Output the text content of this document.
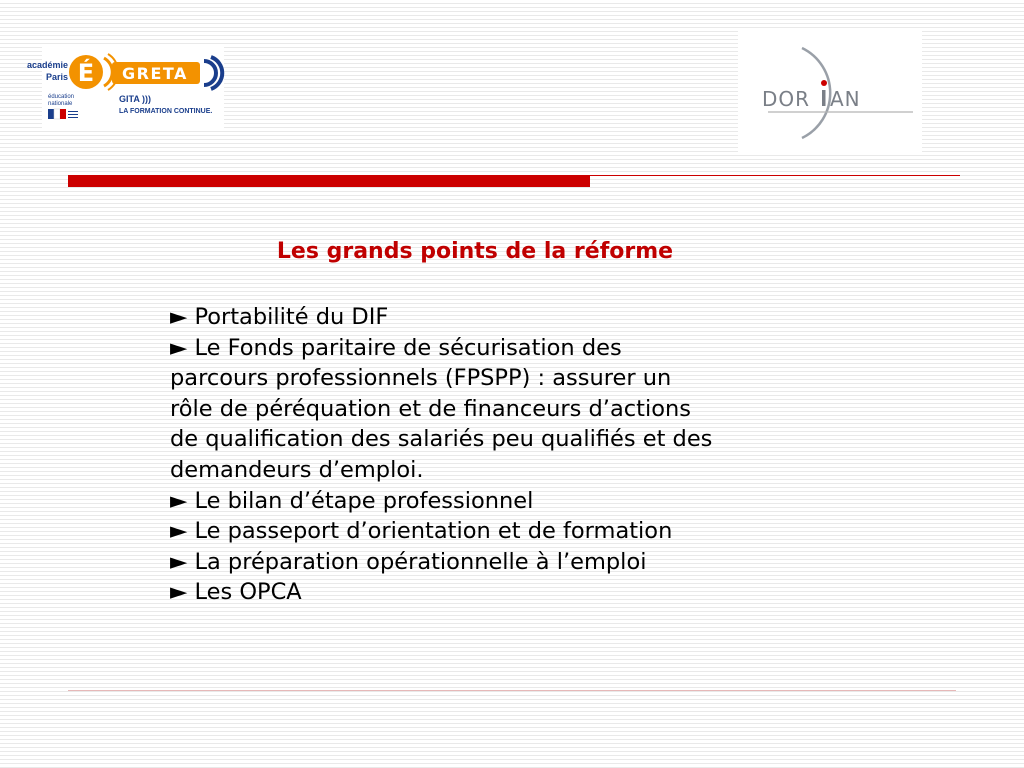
académie
Paris É GRETA
GITA )))
LA FORMATION CONTINUE.
éducation
nationale	DOR AN
Les grands points de la réforme

► Portabilité du DIF

► Le Fonds paritaire de sécurisation des

parcours professionnels (FPSPP) : assurer un

rôle de péréquation et de financeurs d’actions

de qualification des salariés peu qualifiés et des

demandeurs d’emploi.

► Le bilan d’étape professionnel

► Le passeport d’orientation et de formation

► La préparation opérationnelle à l’emploi

► Les OPCA
